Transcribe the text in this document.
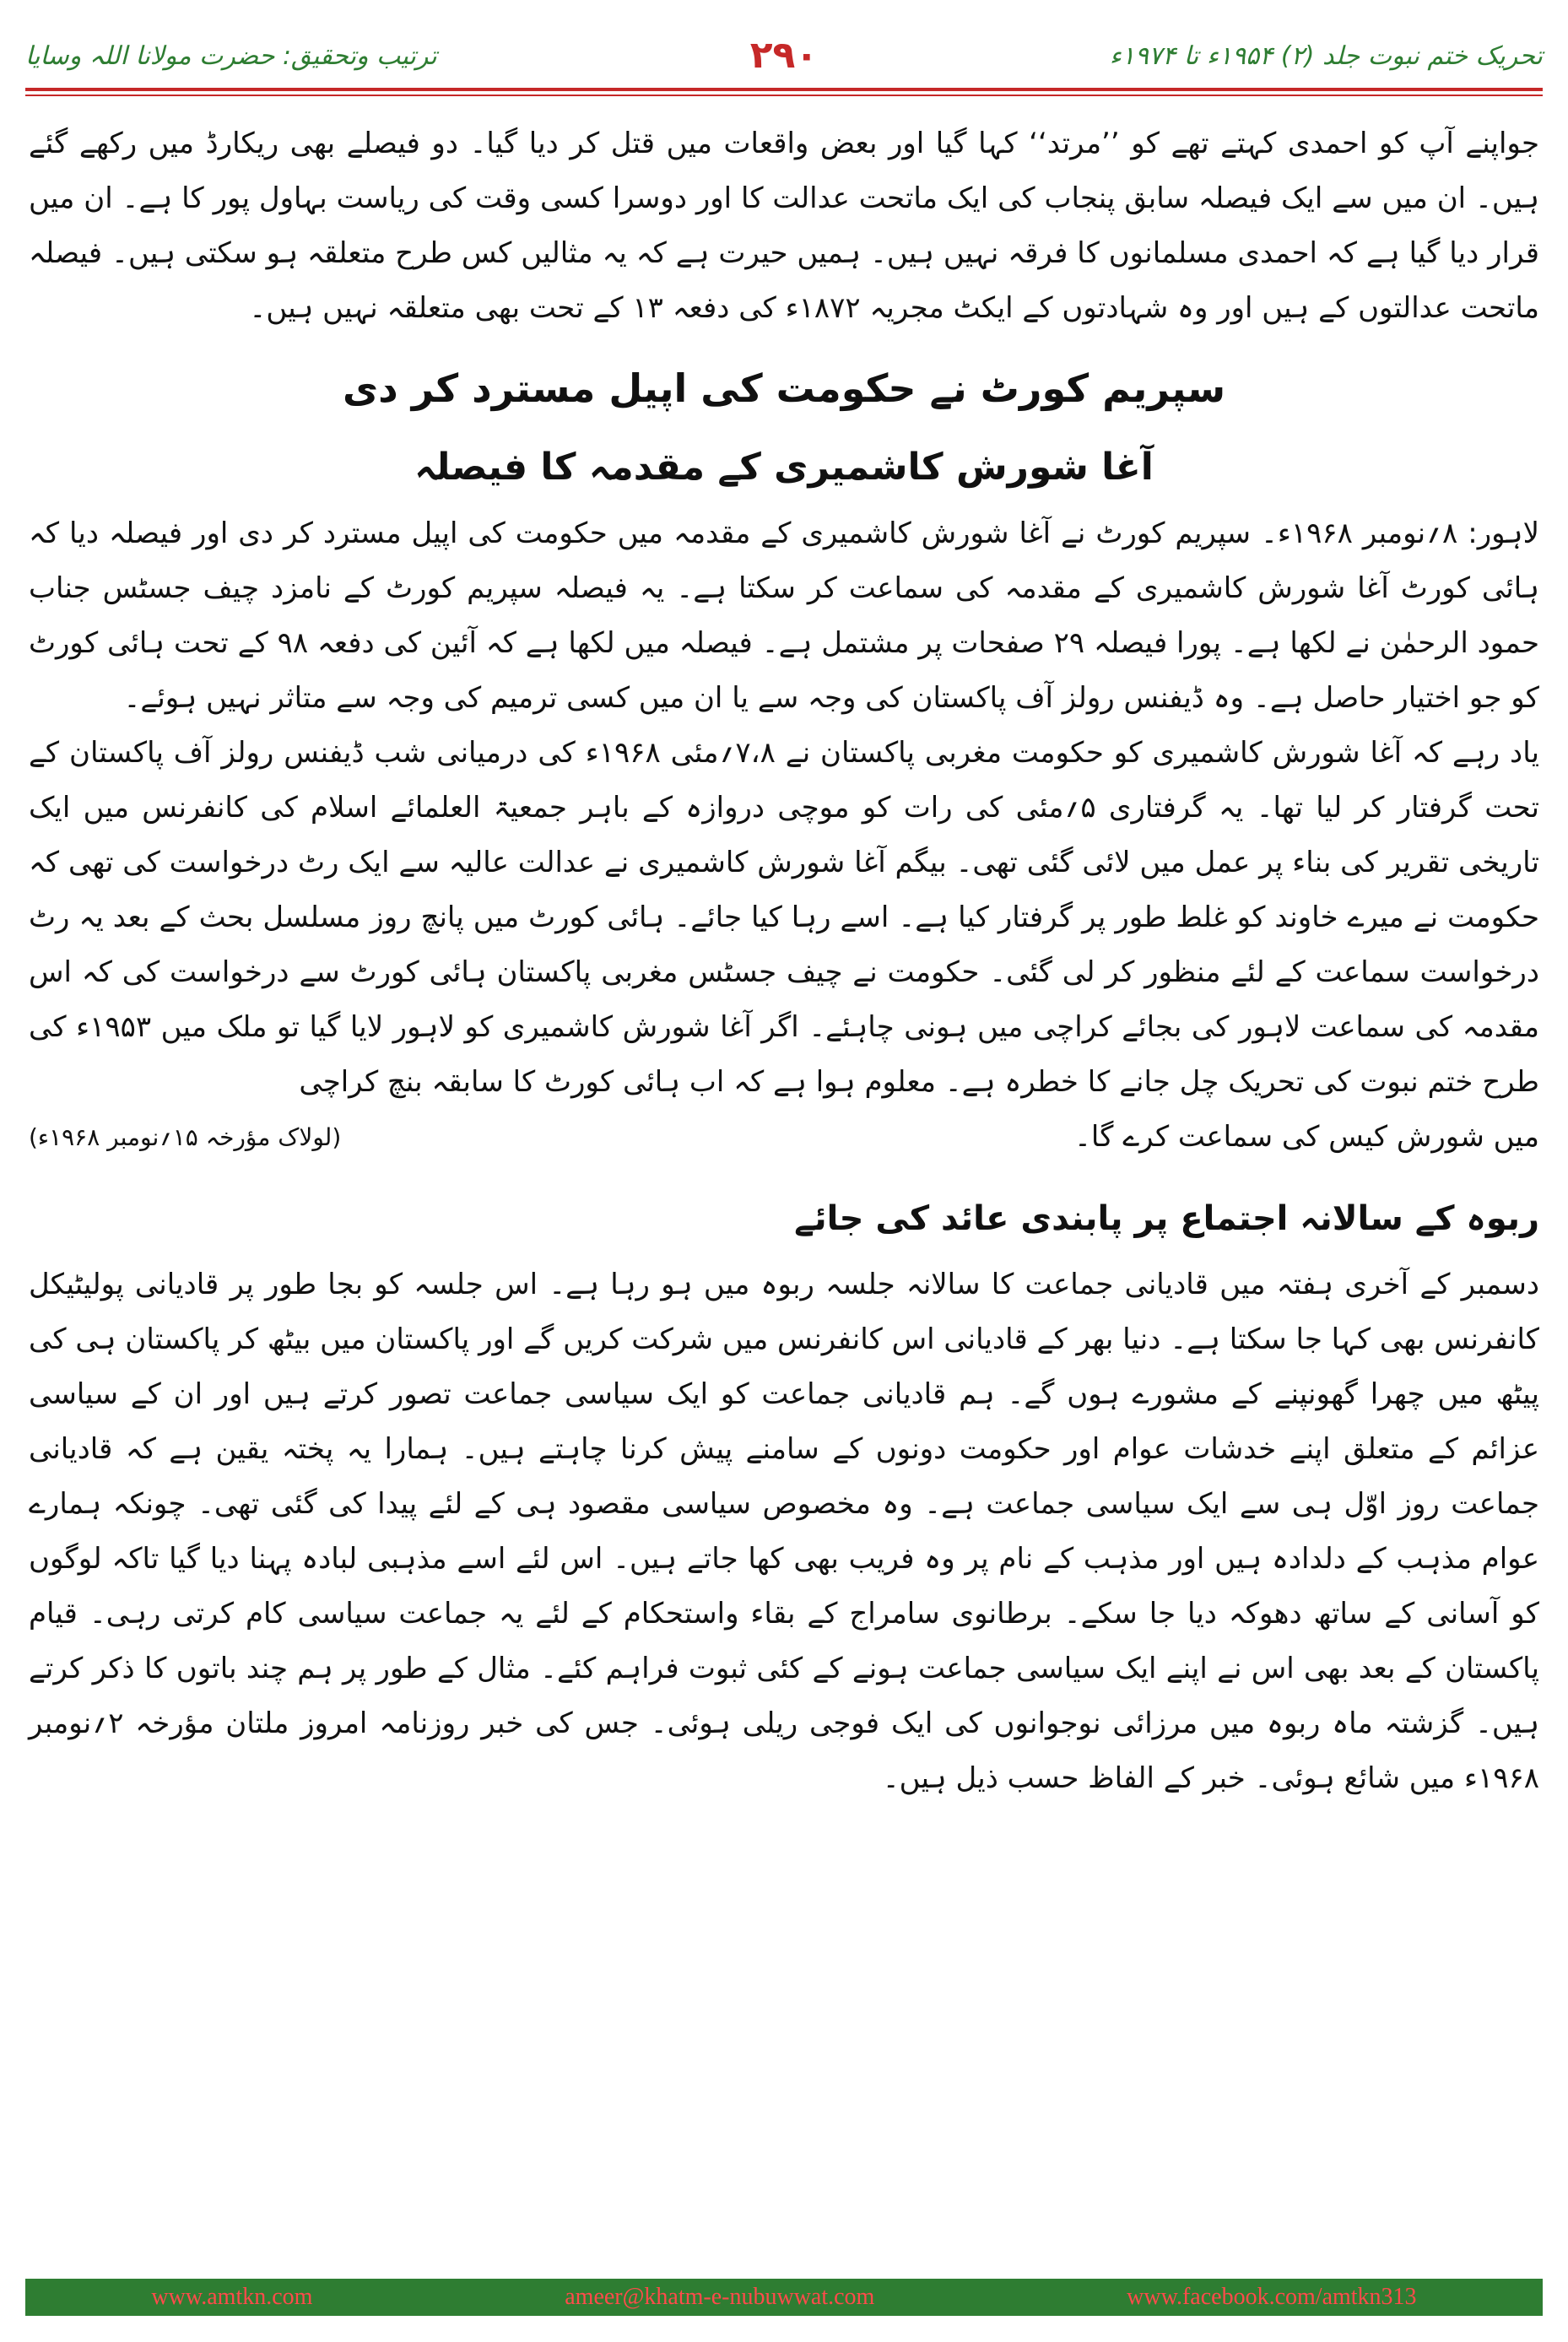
تحریک ختم نبوت جلد (۲) ۱۹۵۴ء تا ۱۹۷۴ء
۲۹۰
ترتیب وتحقیق: حضرت مولانا اللہ وسایا

جواپنے آپ کو احمدی کہتے تھے کو ’’مرتد‘‘ کہا گیا اور بعض واقعات میں قتل کر دیا گیا۔ دو فیصلے بھی ریکارڈ میں رکھے گئے ہیں۔ ان میں سے ایک فیصلہ سابق پنجاب کی ایک ماتحت عدالت کا اور دوسرا کسی وقت کی ریاست بہاول پور کا ہے۔ ان میں قرار دیا گیا ہے کہ احمدی مسلمانوں کا فرقہ نہیں ہیں۔ ہمیں حیرت ہے کہ یہ مثالیں کس طرح متعلقہ ہو سکتی ہیں۔ فیصلہ ماتحت عدالتوں کے ہیں اور وہ شہادتوں کے ایکٹ مجریہ ۱۸۷۲ء کی دفعہ ۱۳ کے تحت بھی متعلقہ نہیں ہیں۔

سپریم کورٹ نے حکومت کی اپیل مسترد کر دی
آغا شورش کاشمیری کے مقدمہ کا فیصلہ

لاہور: ۸؍نومبر ۱۹۶۸ء۔ سپریم کورٹ نے آغا شورش کاشمیری کے مقدمہ میں حکومت کی اپیل مسترد کر دی اور فیصلہ دیا کہ ہائی کورٹ آغا شورش کاشمیری کے مقدمہ کی سماعت کر سکتا ہے۔ یہ فیصلہ سپریم کورٹ کے نامزد چیف جسٹس جناب حمود الرحمٰن نے لکھا ہے۔ پورا فیصلہ ۲۹ صفحات پر مشتمل ہے۔ فیصلہ میں لکھا ہے کہ آئین کی دفعہ ۹۸ کے تحت ہائی کورٹ کو جو اختیار حاصل ہے۔ وہ ڈیفنس رولز آف پاکستان کی وجہ سے یا ان میں کسی ترمیم کی وجہ سے متاثر نہیں ہوئے۔

یاد رہے کہ آغا شورش کاشمیری کو حکومت مغربی پاکستان نے ۷،۸؍مئی ۱۹۶۸ء کی درمیانی شب ڈیفنس رولز آف پاکستان کے تحت گرفتار کر لیا تھا۔ یہ گرفتاری ۵؍مئی کی رات کو موچی دروازہ کے باہر جمعیۃ العلمائے اسلام کی کانفرنس میں ایک تاریخی تقریر کی بناء پر عمل میں لائی گئی تھی۔ بیگم آغا شورش کاشمیری نے عدالت عالیہ سے ایک رٹ درخواست کی تھی کہ حکومت نے میرے خاوند کو غلط طور پر گرفتار کیا ہے۔ اسے رہا کیا جائے۔ ہائی کورٹ میں پانچ روز مسلسل بحث کے بعد یہ رٹ درخواست سماعت کے لئے منظور کر لی گئی۔ حکومت نے چیف جسٹس مغربی پاکستان ہائی کورٹ سے درخواست کی کہ اس مقدمہ کی سماعت لاہور کی بجائے کراچی میں ہونی چاہئے۔ اگر آغا شورش کاشمیری کو لاہور لایا گیا تو ملک میں ۱۹۵۳ء کی طرح ختم نبوت کی تحریک چل جانے کا خطرہ ہے۔ معلوم ہوا ہے کہ اب ہائی کورٹ کا سابقہ بنچ کراچی

میں شورش کیس کی سماعت کرے گا۔
(لولاک مؤرخہ ۱۵؍نومبر ۱۹۶۸ء)
ربوہ کے سالانہ اجتماع پر پابندی عائد کی جائے

دسمبر کے آخری ہفتہ میں قادیانی جماعت کا سالانہ جلسہ ربوہ میں ہو رہا ہے۔ اس جلسہ کو بجا طور پر قادیانی پولیٹیکل کانفرنس بھی کہا جا سکتا ہے۔ دنیا بھر کے قادیانی اس کانفرنس میں شرکت کریں گے اور پاکستان میں بیٹھ کر پاکستان ہی کی پیٹھ میں چھرا گھونپنے کے مشورے ہوں گے۔ ہم قادیانی جماعت کو ایک سیاسی جماعت تصور کرتے ہیں اور ان کے سیاسی عزائم کے متعلق اپنے خدشات عوام اور حکومت دونوں کے سامنے پیش کرنا چاہتے ہیں۔ ہمارا یہ پختہ یقین ہے کہ قادیانی جماعت روز اوّل ہی سے ایک سیاسی جماعت ہے۔ وہ مخصوص سیاسی مقصود ہی کے لئے پیدا کی گئی تھی۔ چونکہ ہمارے عوام مذہب کے دلدادہ ہیں اور مذہب کے نام پر وہ فریب بھی کھا جاتے ہیں۔ اس لئے اسے مذہبی لبادہ پہنا دیا گیا تاکہ لوگوں کو آسانی کے ساتھ دھوکہ دیا جا سکے۔ برطانوی سامراج کے بقاء واستحکام کے لئے یہ جماعت سیاسی کام کرتی رہی۔ قیام پاکستان کے بعد بھی اس نے اپنے ایک سیاسی جماعت ہونے کے کئی ثبوت فراہم کئے۔ مثال کے طور پر ہم چند باتوں کا ذکر کرتے ہیں۔ گزشتہ ماہ ربوہ میں مرزائی نوجوانوں کی ایک فوجی ریلی ہوئی۔ جس کی خبر روزنامہ امروز ملتان مؤرخہ ۲؍نومبر ۱۹۶۸ء میں شائع ہوئی۔ خبر کے الفاظ حسب ذیل ہیں۔

www.amtkn.com	ameer@khatm-e-nubuwwat.com	www.facebook.com/amtkn313
